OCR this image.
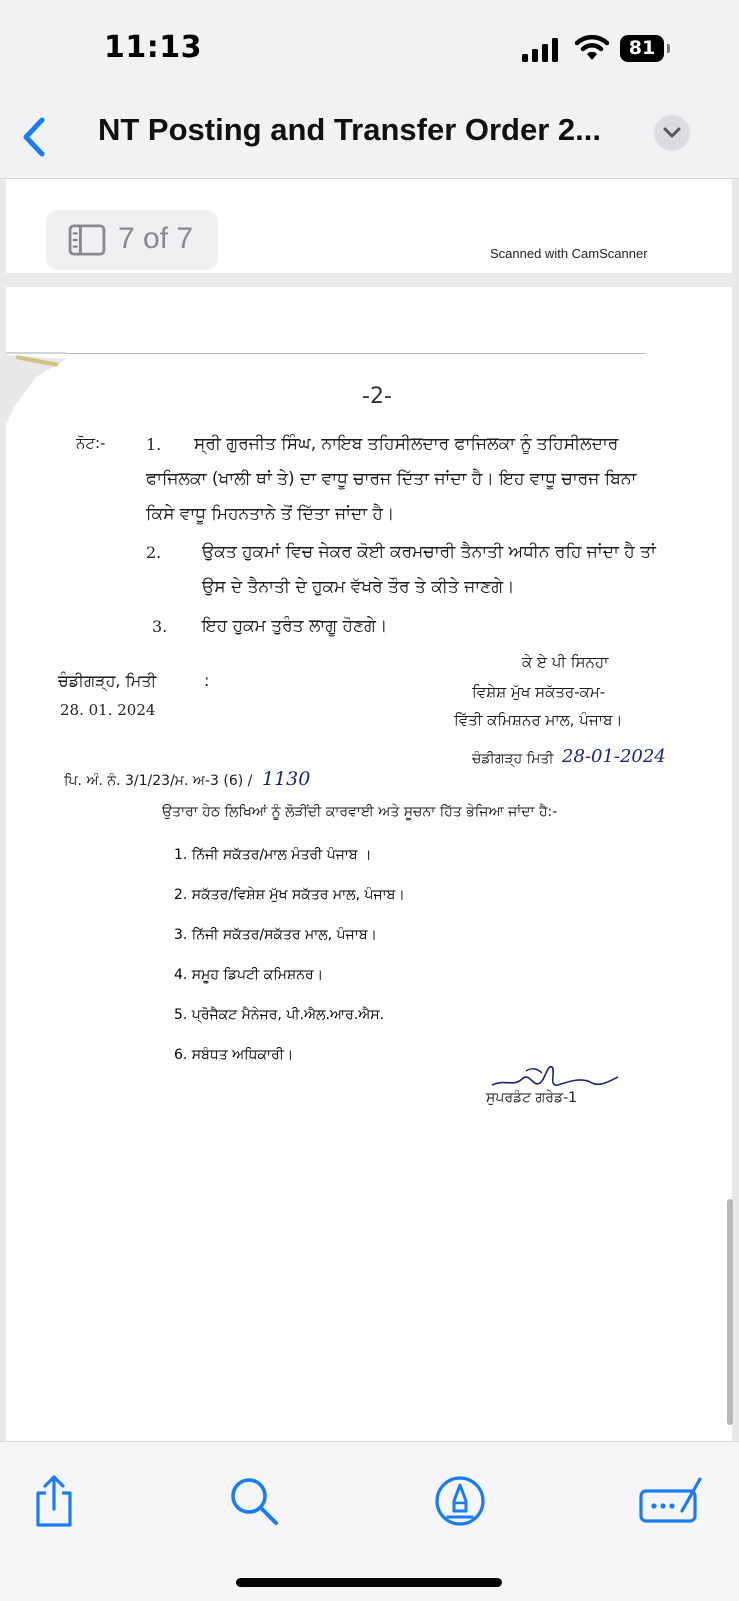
11:13	81
NT Posting and Transfer Order 2...
7 of 7	Scanned with CamScanner
-2-
ਨੋਟ:-	1. ਸ੍ਰੀ ਗੁਰਜੀਤ ਸਿੰਘ, ਨਾਇਬ ਤਹਿਸੀਲਦਾਰ ਫਾਜਿਲਕਾ ਨੂੰ ਤਹਿਸੀਲਦਾਰ
ਫਾਜਿਲਕਾ (ਖਾਲੀ ਥਾਂ ਤੇ) ਦਾ ਵਾਧੂ ਚਾਰਜ ਦਿੱਤਾ ਜਾਂਦਾ ਹੈ। ਇਹ ਵਾਧੂ ਚਾਰਜ ਬਿਨਾ
ਕਿਸੇ ਵਾਧੂ ਮਿਹਨਤਾਨੇ ਤੋਂ ਦਿੱਤਾ ਜਾਂਦਾ ਹੈ।
2. ਉਕਤ ਹੁਕਮਾਂ ਵਿਚ ਜੇਕਰ ਕੋਈ ਕਰਮਚਾਰੀ ਤੈਨਾਤੀ ਅਧੀਨ ਰਹਿ ਜਾਂਦਾ ਹੈ ਤਾਂ
ਉਸ ਦੇ ਤੈਨਾਤੀ ਦੇ ਹੁਕਮ ਵੱਖਰੇ ਤੌਰ ਤੇ ਕੀਤੇ ਜਾਣਗੇ।
3. ਇਹ ਹੁਕਮ ਤੁਰੰਤ ਲਾਗੂ ਹੋਣਗੇ।
ਚੰਡੀਗੜ੍ਹ, ਮਿਤੀ	:
28. 01. 2024
ਕੇ ਏ ਪੀ ਸਿਨਹਾ
ਵਿਸ਼ੇਸ਼ ਮੁੱਖ ਸਕੱਤਰ-ਕਮ-
ਵਿੱਤੀ ਕਮਿਸ਼ਨਰ ਮਾਲ, ਪੰਜਾਬ।
ਪਿ. ਅੰ. ਨੰ. 3/1/23/ਮ. ਅ-3 (6) / 1130
ਚੰਡੀਗੜ੍ਹ ਮਿਤੀ 28-01-2024
ਉਤਾਰਾ ਹੇਠ ਲਿਖਿਆਂ ਨੂੰ ਲੋੜੀਂਦੀ ਕਾਰਵਾਈ ਅਤੇ ਸੂਚਨਾ ਹਿੱਤ ਭੇਜਿਆ ਜਾਂਦਾ ਹੈ:-
1. ਨਿੱਜੀ ਸਕੱਤਰ/ਮਾਲ ਮੰਤਰੀ ਪੰਜਾਬ ।
2. ਸਕੱਤਰ/ਵਿਸ਼ੇਸ਼ ਮੁੱਖ ਸਕੱਤਰ ਮਾਲ, ਪੰਜਾਬ।
3. ਨਿੱਜੀ ਸਕੱਤਰ/ਸਕੱਤਰ ਮਾਲ, ਪੰਜਾਬ।
4. ਸਮੂਹ ਡਿਪਟੀ ਕਮਿਸ਼ਨਰ।
5. ਪ੍ਰੋਜੈਕਟ ਮੈਨੇਜਰ, ਪੀ.ਐਲ.ਆਰ.ਐਸ.
6. ਸਬੰਧਤ ਅਧਿਕਾਰੀ।
ਸੁਪਰਡੰਟ ਗਰੇਡ-1
